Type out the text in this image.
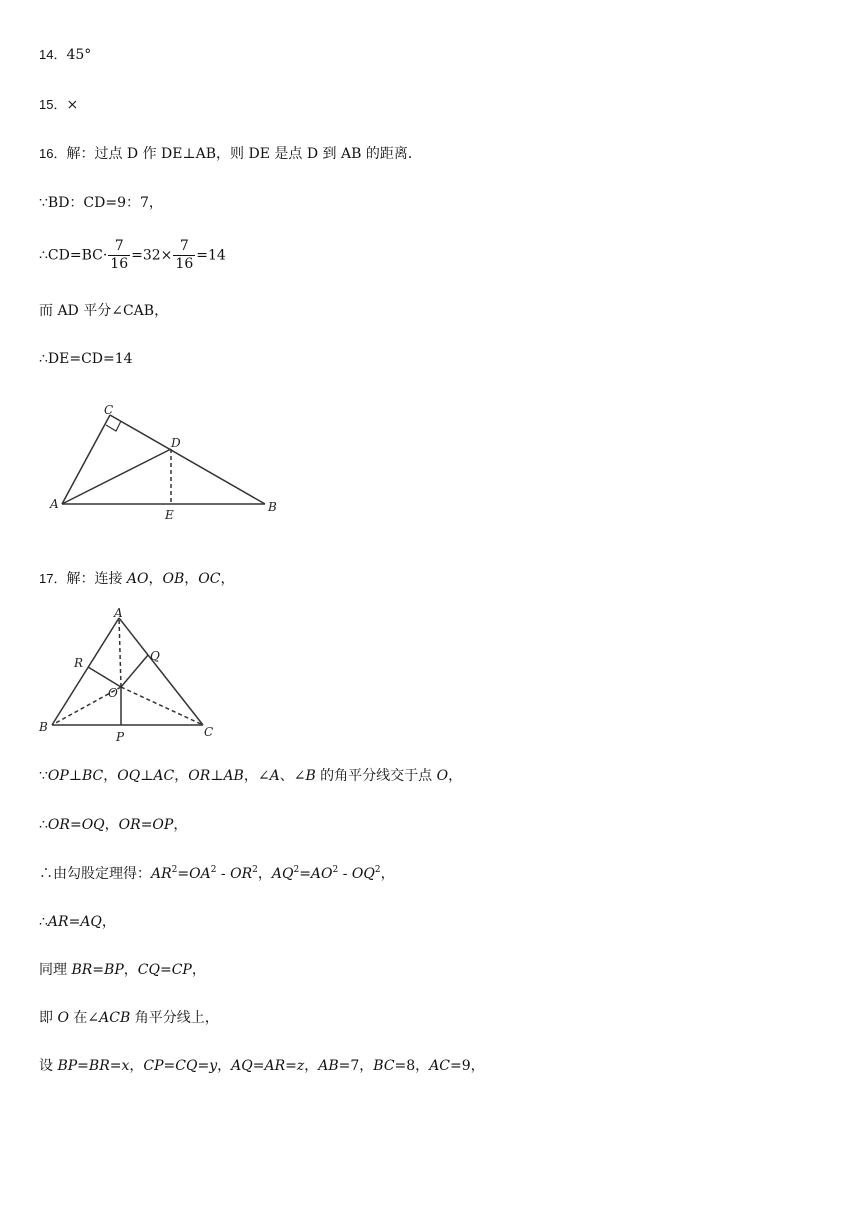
14．45°
15．×
16．解：过点 D 作 DE⊥AB，则 DE 是点 D 到 AB 的距离．
∵BD：CD=9：7，
∴CD=BC· $\frac{7}{16} =32\times \frac{7}{16} =14$
而 AD 平分∠CAB，
∴DE=CD=14
C
D
A	B
E
17．解：连接 AO，OB，OC，
A
R	Q
O
B
P	C
∵OP⊥BC，OQ⊥AC，OR⊥AB，∠A、∠B 的角平分线交于点 O，
∴OR=OQ，OR=OP，
∴由勾股定理得：$AR^2=OA^2 - OR^2$，$AQ^2=AO^2 - OQ^2$，
∴AR=AQ，
同理 BR=BP，CQ=CP，
即 O 在∠ACB 角平分线上，
设 BP=BR=x，CP=CQ=y，AQ=AR=z，AB=7，BC=8，AC=9，
